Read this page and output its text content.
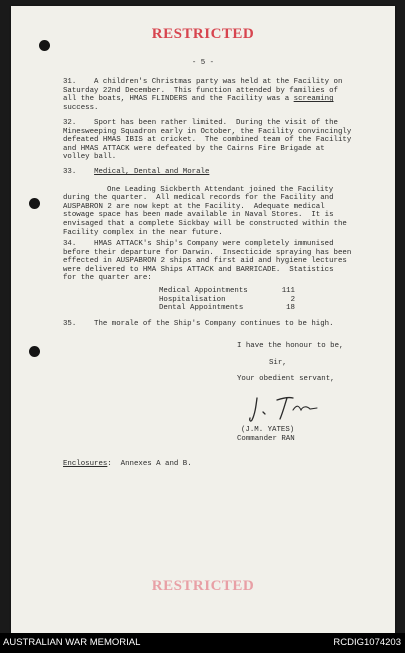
RESTRICTED
- 5 -
31.    A children's Christmas party was held at the Facility on
Saturday 22nd December.  This function attended by families of
all the boats, HMAS FLINDERS and the Facility was a screaming
success.
32.    Sport has been rather limited.  During the visit of the
Minesweeping Squadron early in October, the Facility convincingly
defeated HMAS IBIS at cricket.  The combined team of the Facility
and HMAS ATTACK were defeated by the Cairns Fire Brigade at
volley ball.
33. Medical, Dental and Morale
One Leading Sickberth Attendant joined the Facility
during the quarter.  All medical records for the Facility and
AUSPABRON 2 are now kept at the Facility.  Adequate medical
stowage space has been made available in Naval Stores.  It is
envisaged that a complete Sickbay will be constructed within the
Facility complex in the near future.
34.    HMAS ATTACK's Ship's Company were completely immunised
before their departure for Darwin.  Insecticide spraying has been
effected in AUSPABRON 2 ships and first aid and hygiene lectures
were delivered to HMA Ships ATTACK and BARRICADE.  Statistics
for the quarter are:
Medical Appointments	111
Hospitalisation	2
Dental Appointments	18
35.    The morale of the Ship's Company continues to be high.
I have the honour to be,
Sir,
Your obedient servant,
(J.M. YATES)
Commander RAN
Enclosures:  Annexes A and B.
RESTRICTED
AUSTRALIAN WAR MEMORIAL	RCDIG1074203
